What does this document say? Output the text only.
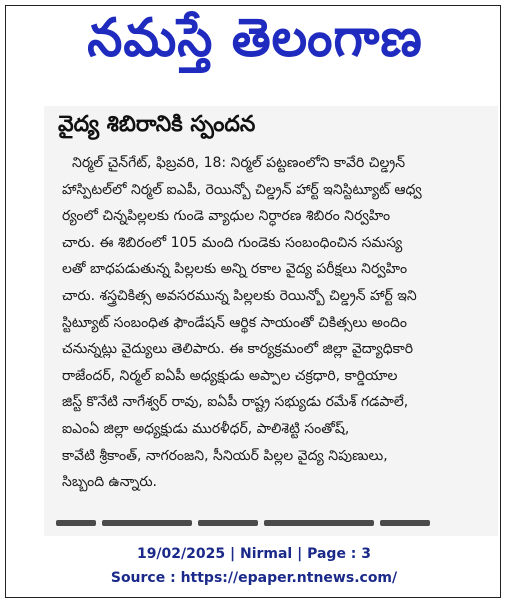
నమస్తే తెలంగాణ
వైద్య శిబిరానికి స్పందన
నిర్మల్ చైన్‌గేట్, ఫిబ్రవరి, 18: నిర్మల్ పట్టణంలోని కావేరి చిల్డ్రన్
హాస్పిటల్‌లో నిర్మల్ ఐఎపీ, రెయిన్బో చిల్డ్రన్ హార్ట్ ఇనిస్టిట్యూట్ ఆధ్వ
ర్యంలో చిన్నపిల్లలకు గుండె వ్యాధుల నిర్ధారణ శిబిరం నిర్వహిం
చారు. ఈ శిబిరంలో 105 మంది గుండెకు సంబంధించిన సమస్య
లతో బాధపడుతున్న పిల్లలకు అన్ని రకాల వైద్య పరీక్షలు నిర్వహిం
చారు. శస్త్రచికిత్స అవసరమున్న పిల్లలకు రెయిన్బో చిల్డ్రన్ హార్ట్ ఇని
స్టిట్యూట్ సంబంధిత ఫౌండేషన్ ఆర్థిక సాయంతో చికిత్సలు అందిం
చనున్నట్లు వైద్యులు తెలిపారు. ఈ కార్యక్రమంలో జిల్లా వైద్యాధికారి
రాజేందర్, నిర్మల్ ఐఏపీ అధ్యక్షుడు అప్పాల చక్రధారి, కార్డియాల
జిస్ట్ కొనేటి నాగేశ్వర్ రావు, ఐఏపీ రాష్ట్ర సభ్యుడు రమేశ్ గడపాలే,
ఐఎంఏ జిల్లా అధ్యక్షుడు మురళీధర్, పాలిశెట్టి సంతోష్,
కావేటి శ్రీకాంత్, నాగరంజని, సీనియర్ పిల్లల వైద్య నిపుణులు,
సిబ్బంది ఉన్నారు.
19/02/2025 | Nirmal | Page : 3
Source : https://epaper.ntnews.com/
